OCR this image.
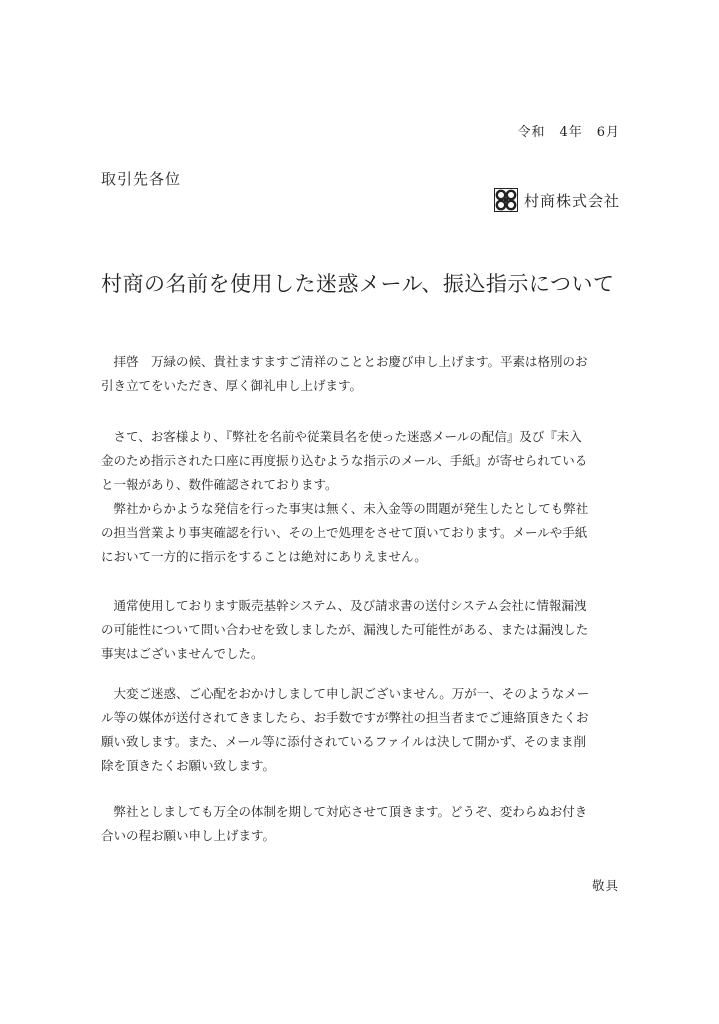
令和　4年　6月
取引先各位
村商株式会社
村商の名前を使用した迷惑メール、振込指示について

　拝啓　万緑の候、貴社ますますご清祥のこととお慶び申し上げます。平素は格別のお
引き立てをいただき、厚く御礼申し上げます。

　さて、お客様より、『弊社を名前や従業員名を使った迷惑メールの配信』及び『未入
金のため指示された口座に再度振り込むような指示のメール、手紙』が寄せられている
と一報があり、数件確認されております。
　弊社からかような発信を行った事実は無く、未入金等の問題が発生したとしても弊社
の担当営業より事実確認を行い、その上で処理をさせて頂いております。メールや手紙
において一方的に指示をすることは絶対にありえません。

　通常使用しております販売基幹システム、及び請求書の送付システム会社に情報漏洩
の可能性について問い合わせを致しましたが、漏洩した可能性がある、または漏洩した
事実はございませんでした。

　大変ご迷惑、ご心配をおかけしまして申し訳ございません。万が一、そのようなメー
ル等の媒体が送付されてきましたら、お手数ですが弊社の担当者までご連絡頂きたくお
願い致します。また、メール等に添付されているファイルは決して開かず、そのまま削
除を頂きたくお願い致します。

　弊社としましても万全の体制を期して対応させて頂きます。どうぞ、変わらぬお付き
合いの程お願い申し上げます。

敬具
